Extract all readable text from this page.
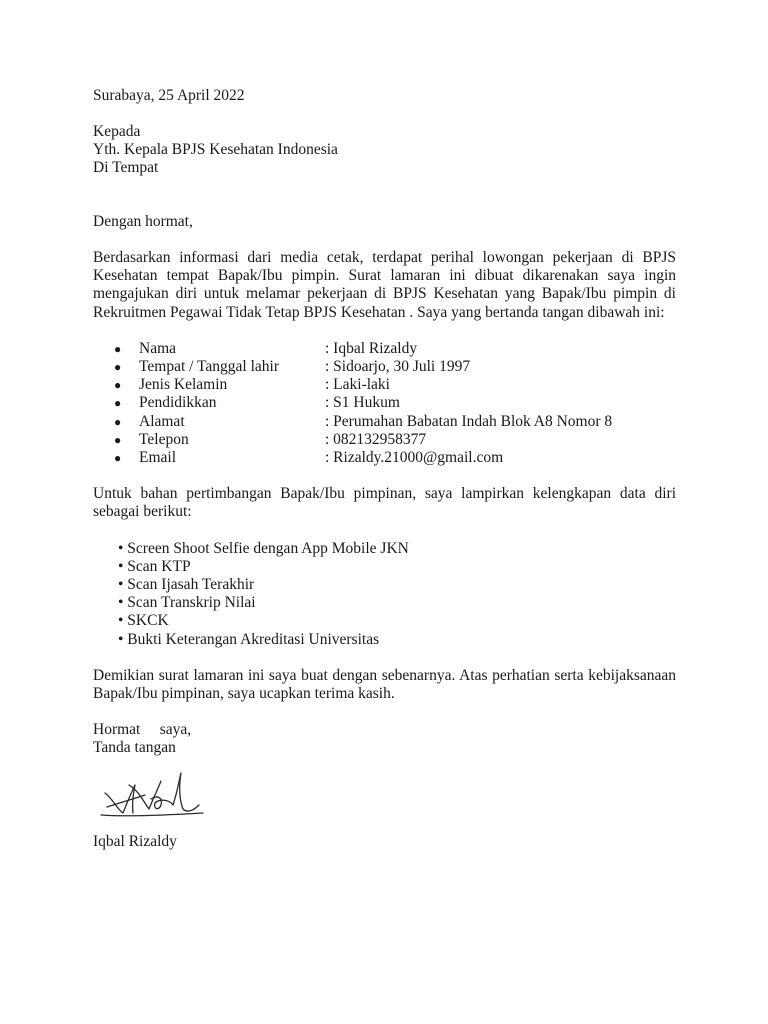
Surabaya, 25 April 2022
Kepada
Yth. Kepala BPJS Kesehatan Indonesia
Di Tempat
Dengan hormat,

Berdasarkan informasi dari media cetak, terdapat perihal lowongan pekerjaan di BPJS Kesehatan tempat Bapak/Ibu pimpin. Surat lamaran ini dibuat dikarenakan saya ingin mengajukan diri untuk melamar pekerjaan di BPJS Kesehatan yang Bapak/Ibu pimpin di Rekruitmen Pegawai Tidak Tetap BPJS Kesehatan . Saya yang bertanda tangan dibawah ini:

● Nama	: Iqbal Rizaldy
● Tempat / Tanggal lahir	: Sidoarjo, 30 Juli 1997
● Jenis Kelamin	: Laki-laki
● Pendidikkan	: S1 Hukum
● Alamat	: Perumahan Babatan Indah Blok A8 Nomor 8
● Telepon	: 082132958377
● Email	: Rizaldy.21000@gmail.com

Untuk bahan pertimbangan Bapak/Ibu pimpinan, saya lampirkan kelengkapan data diri sebagai berikut:

• Screen Shoot Selfie dengan App Mobile JKN
• Scan KTP
• Scan Ijasah Terakhir
• Scan Transkrip Nilai
• SKCK
• Bukti Keterangan Akreditasi Universitas

Demikian surat lamaran ini saya buat dengan sebenarnya. Atas perhatian serta kebijaksanaan Bapak/Ibu pimpinan, saya ucapkan terima kasih.

Hormat     saya,
Tanda tangan
Iqbal Rizaldy
